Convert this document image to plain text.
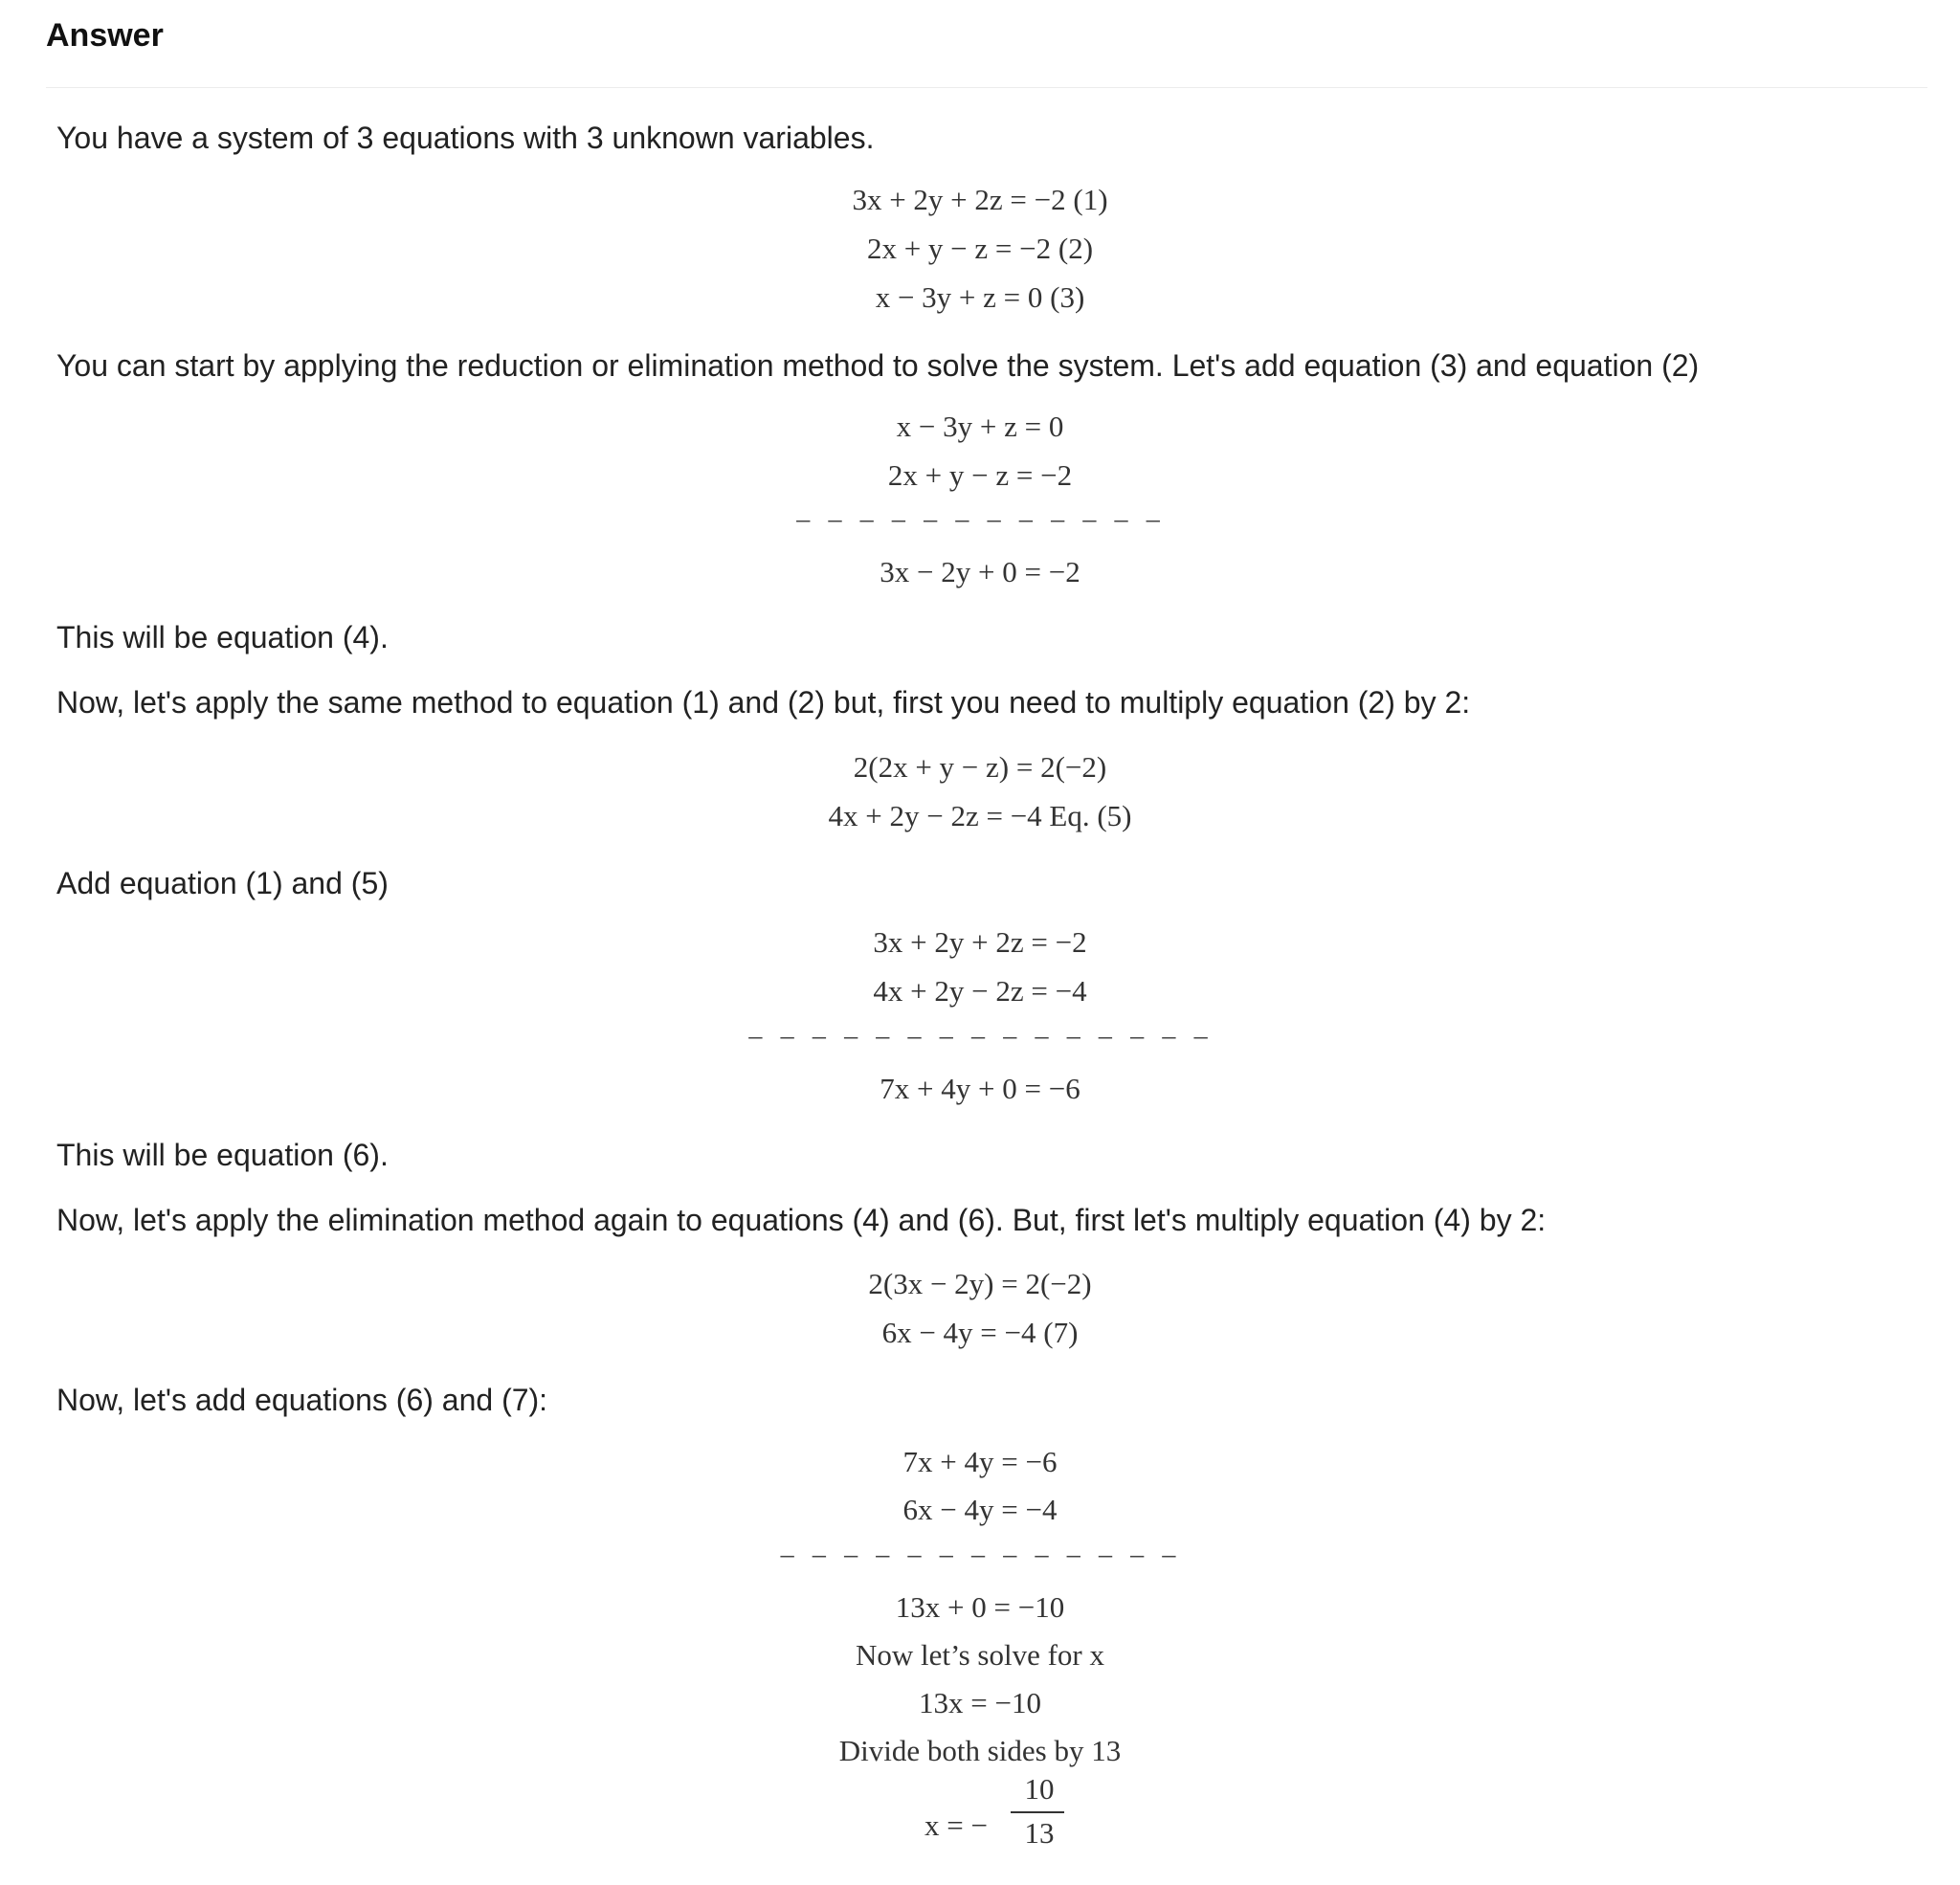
Answer
You have a system of 3 equations with 3 unknown variables.
3x + 2y + 2z = −2 (1)
2x + y − z = −2 (2)
x − 3y + z = 0 (3)
You can start by applying the reduction or elimination method to solve the system. Let's add equation (3) and equation (2)
x − 3y + z = 0
2x + y − z = −2
− − − − − − − − − − − −
3x − 2y + 0 = −2
This will be equation (4).
Now, let's apply the same method to equation (1) and (2) but, first you need to multiply equation (2) by 2:
2(2x + y − z) = 2(−2)
4x + 2y − 2z = −4 Eq. (5)
Add equation (1) and (5)
3x + 2y + 2z = −2
4x + 2y − 2z = −4
− − − − − − − − − − − − − − −
7x + 4y + 0 = −6
This will be equation (6).
Now, let's apply the elimination method again to equations (4) and (6). But, first let's multiply equation (4) by 2:
2(3x − 2y) = 2(−2)
6x − 4y = −4 (7)
Now, let's add equations (6) and (7):
7x + 4y = −6
6x − 4y = −4
− − − − − − − − − − − − −
13x + 0 = −10
Now let’s solve for x
13x = −10
Divide both sides by 13
x = −
10
13
